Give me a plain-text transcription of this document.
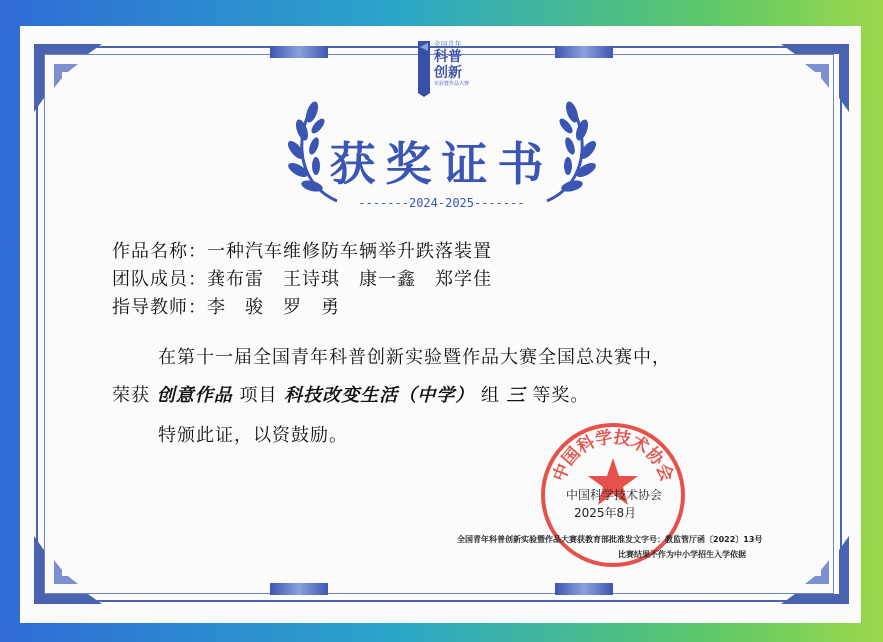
全国青年
科普
创新
实验暨作品大赛
获奖证书
-------2024-2025-------
作品名称：一种汽车维修防车辆举升跌落装置
团队成员：龚布雷　王诗琪　康一鑫　郑学佳
指导教师：李　骏　罗　勇
在第十一届全国青年科普创新实验暨作品大赛全国总决赛中，
荣获 创意作品 项目 科技改变生活（中学） 组 三 等奖。
特颁此证，以资鼓励。
中国科学技术协会
中国科学技术协会
2025年8月
全国青年科普创新实验暨作品大赛获教育部批准发文字号：教监管厅函〔2022〕13号
比赛结果不作为中小学招生入学依据
